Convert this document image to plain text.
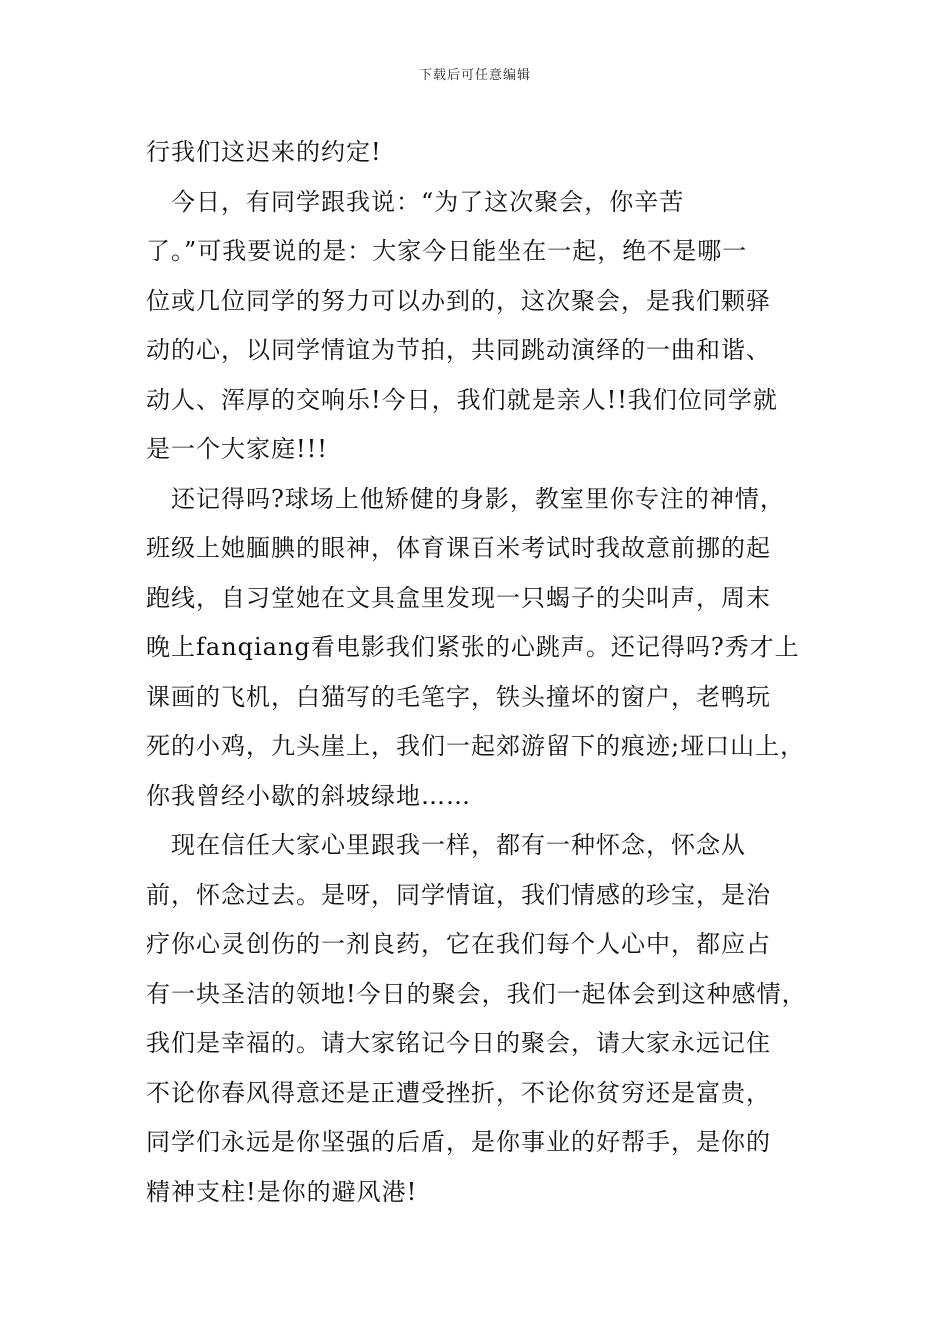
下载后可任意编辑
行我们这迟来的约定!
　今日，有同学跟我说：“为了这次聚会，你辛苦
了。”可我要说的是：大家今日能坐在一起，绝不是哪一
位或几位同学的努力可以办到的，这次聚会，是我们颗驿
动的心，以同学情谊为节拍，共同跳动演绎的一曲和谐、
动人、浑厚的交响乐!今日，我们就是亲人!!我们位同学就
是一个大家庭!!!
　还记得吗?球场上他矫健的身影，教室里你专注的神情，
班级上她腼腆的眼神，体育课百米考试时我故意前挪的起
跑线，自习堂她在文具盒里发现一只蝎子的尖叫声，周末
晚上fanqiang看电影我们紧张的心跳声。还记得吗?秀才上
课画的飞机，白猫写的毛笔字，铁头撞坏的窗户，老鸭玩
死的小鸡，九头崖上，我们一起郊游留下的痕迹;垭口山上，
你我曾经小歇的斜坡绿地……
　现在信任大家心里跟我一样，都有一种怀念，怀念从
前，怀念过去。是呀，同学情谊，我们情感的珍宝，是治
疗你心灵创伤的一剂良药，它在我们每个人心中，都应占
有一块圣洁的领地!今日的聚会，我们一起体会到这种感情，
我们是幸福的。请大家铭记今日的聚会，请大家永远记住
不论你春风得意还是正遭受挫折，不论你贫穷还是富贵，
同学们永远是你坚强的后盾，是你事业的好帮手，是你的
精神支柱!是你的避风港!
